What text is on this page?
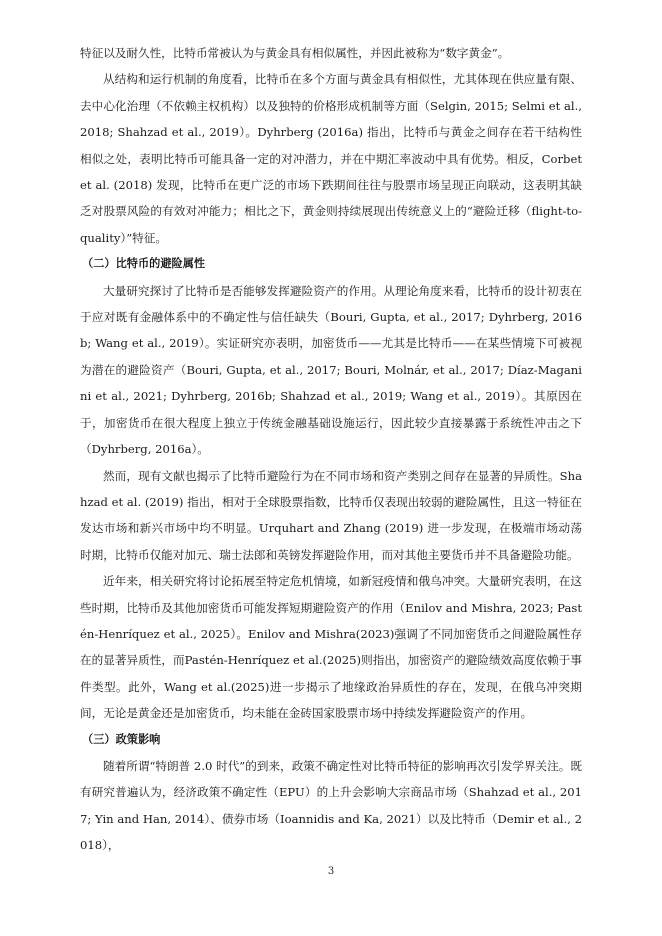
特征以及耐久性，比特币常被认为与黄金具有相似属性，并因此被称为“数字黄金”。

从结构和运行机制的角度看，比特币在多个方面与黄金具有相似性，尤其体现在供应量有限、去中心化治理（不依赖主权机构）以及独特的价格形成机制等方面（Selgin, 2015; Selmi et al., 2018; Shahzad et al., 2019）。Dyhrberg (2016a) 指出，比特币与黄金之间存在若干结构性相似之处，表明比特币可能具备一定的对冲潜力，并在中期汇率波动中具有优势。相反，Corbet et al. (2018) 发现，比特币在更广泛的市场下跌期间往往与股票市场呈现正向联动，这表明其缺乏对股票风险的有效对冲能力；相比之下，黄金则持续展现出传统意义上的“避险迁移（flight-to-quality）”特征。

（二）比特币的避险属性

大量研究探讨了比特币是否能够发挥避险资产的作用。从理论角度来看，比特币的设计初衷在于应对既有金融体系中的不确定性与信任缺失（Bouri, Gupta, et al., 2017; Dyhrberg, 2016b; Wang et al., 2019）。实证研究亦表明，加密货币——尤其是比特币——在某些情境下可被视为潜在的避险资产（Bouri, Gupta, et al., 2017; Bouri, Molnár, et al., 2017; Díaz-Maganini et al., 2021; Dyhrberg, 2016b; Shahzad et al., 2019; Wang et al., 2019）。其原因在于，加密货币在很大程度上独立于传统金融基础设施运行，因此较少直接暴露于系统性冲击之下（Dyhrberg, 2016a）。

然而，现有文献也揭示了比特币避险行为在不同市场和资产类别之间存在显著的异质性。Shahzad et al. (2019) 指出，相对于全球股票指数，比特币仅表现出较弱的避险属性，且这一特征在发达市场和新兴市场中均不明显。Urquhart and Zhang (2019) 进一步发现，在极端市场动荡时期，比特币仅能对加元、瑞士法郎和英镑发挥避险作用，而对其他主要货币并不具备避险功能。

近年来，相关研究将讨论拓展至特定危机情境，如新冠疫情和俄乌冲突。大量研究表明，在这些时期，比特币及其他加密货币可能发挥短期避险资产的作用（Enilov and Mishra, 2023; Pastén-Henríquez et al., 2025）。Enilov and Mishra(2023)强调了不同加密货币之间避险属性存在的显著异质性，而Pastén-Henríquez et al.(2025)则指出，加密资产的避险绩效高度依赖于事件类型。此外，Wang et al.(2025)进一步揭示了地缘政治异质性的存在，发现，在俄乌冲突期间，无论是黄金还是加密货币，均未能在金砖国家股票市场中持续发挥避险资产的作用。

（三）政策影响

随着所谓“特朗普 2.0 时代”的到来，政策不确定性对比特币特征的影响再次引发学界关注。既有研究普遍认为，经济政策不确定性（EPU）的上升会影响大宗商品市场（Shahzad et al., 2017; Yin and Han, 2014）、债券市场（Ioannidis and Ka, 2021）以及比特币（Demir et al., 2018），

3
